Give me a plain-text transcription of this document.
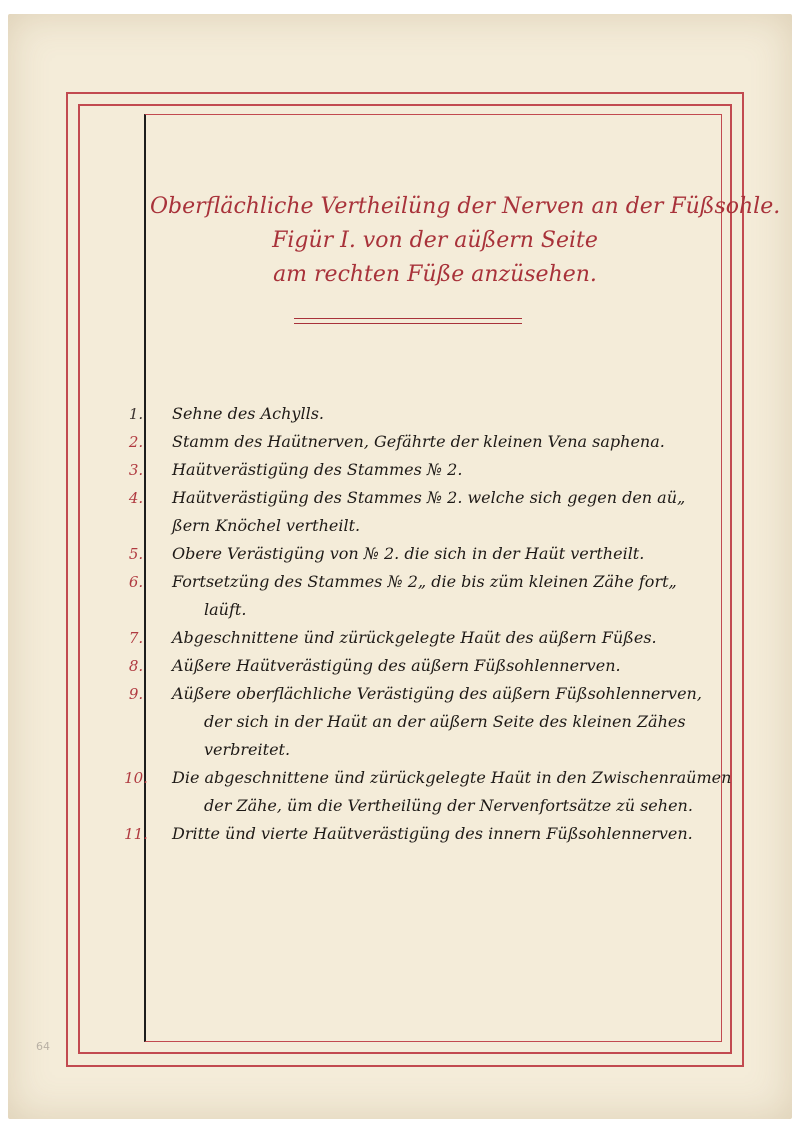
Oberflächliche Vertheilüng der Nerven an der Füßsohle.
Figür I. von der aüßern Seite
am rechten Füße anzüsehen.
1.	Sehne des Achylls.
2.	Stamm des Haütnerven, Gefährte der kleinen Vena saphena.
3.	Haütverästigüng des Stammes № 2.
4.	Haütverästigüng des Stammes № 2. welche sich gegen den aü„
ßern Knöchel vertheilt.
5.	Obere Verästigüng von № 2. die sich in der Haüt vertheilt.
6.	Fortsetzüng des Stammes № 2„ die bis züm kleinen Zähe fort„
laüft.
7.	Abgeschnittene ünd zürückgelegte Haüt des aüßern Füßes.
8.	Aüßere Haütverästigüng des aüßern Füßsohlennerven.
9.	Aüßere oberflächliche Verästigüng des aüßern Füßsohlennerven,
der sich in der Haüt an der aüßern Seite des kleinen Zähes
verbreitet.
10.	Die abgeschnittene ünd zürückgelegte Haüt in den Zwischenraümen
der Zähe, üm die Vertheilüng der Nervenfortsätze zü sehen.
11.	Dritte ünd vierte Haütverästigüng des innern Füßsohlennerven.
64
